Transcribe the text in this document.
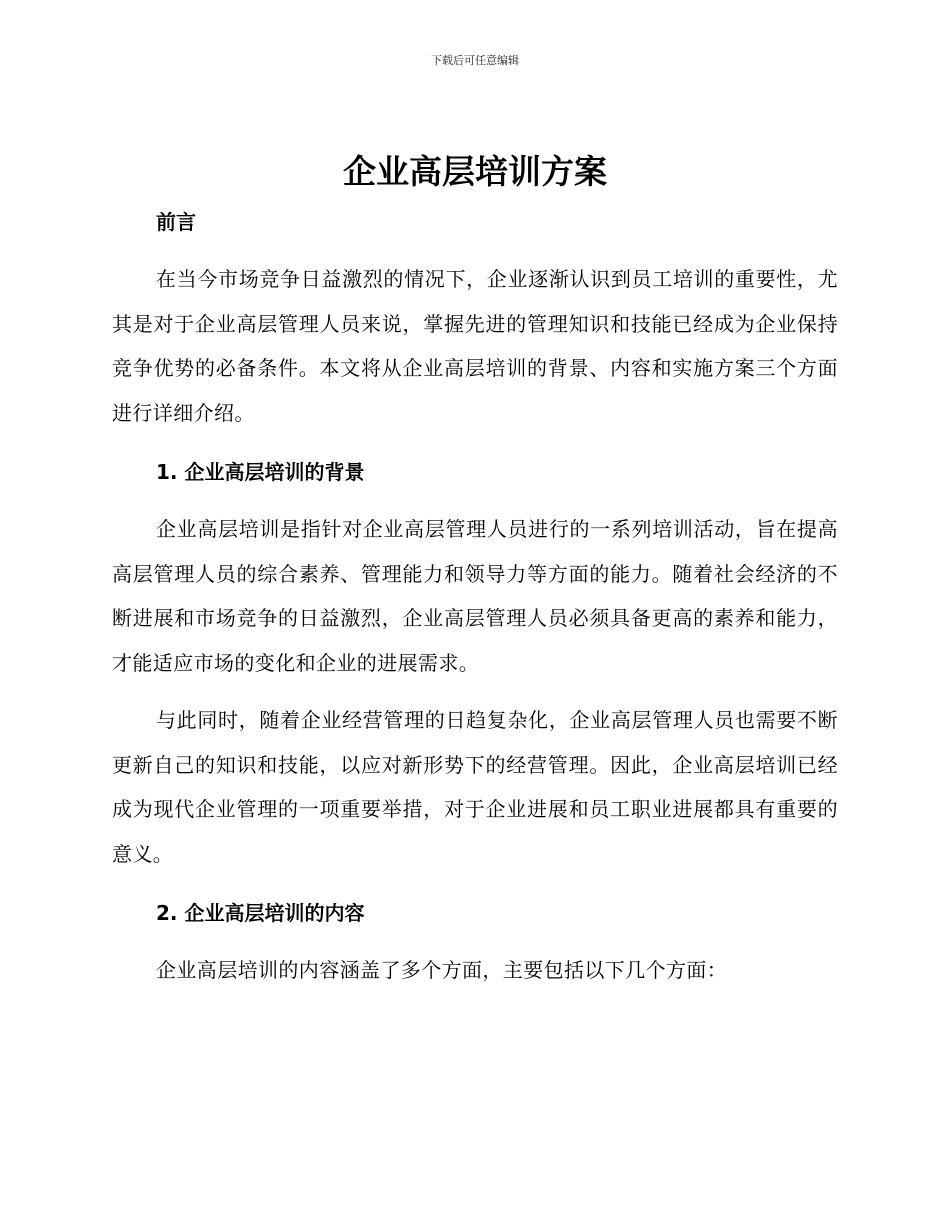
下载后可任意编辑
企业高层培训方案
前言

在当今市场竞争日益激烈的情况下，企业逐渐认识到员工培训的重要性，尤其是对于企业高层管理人员来说，掌握先进的管理知识和技能已经成为企业保持竞争优势的必备条件。本文将从企业高层培训的背景、内容和实施方案三个方面进行详细介绍。

1. 企业高层培训的背景

企业高层培训是指针对企业高层管理人员进行的一系列培训活动，旨在提高高层管理人员的综合素养、管理能力和领导力等方面的能力。随着社会经济的不断进展和市场竞争的日益激烈，企业高层管理人员必须具备更高的素养和能力，才能适应市场的变化和企业的进展需求。

与此同时，随着企业经营管理的日趋复杂化，企业高层管理人员也需要不断更新自己的知识和技能，以应对新形势下的经营管理。因此，企业高层培训已经成为现代企业管理的一项重要举措，对于企业进展和员工职业进展都具有重要的意义。

2. 企业高层培训的内容

企业高层培训的内容涵盖了多个方面，主要包括以下几个方面：
